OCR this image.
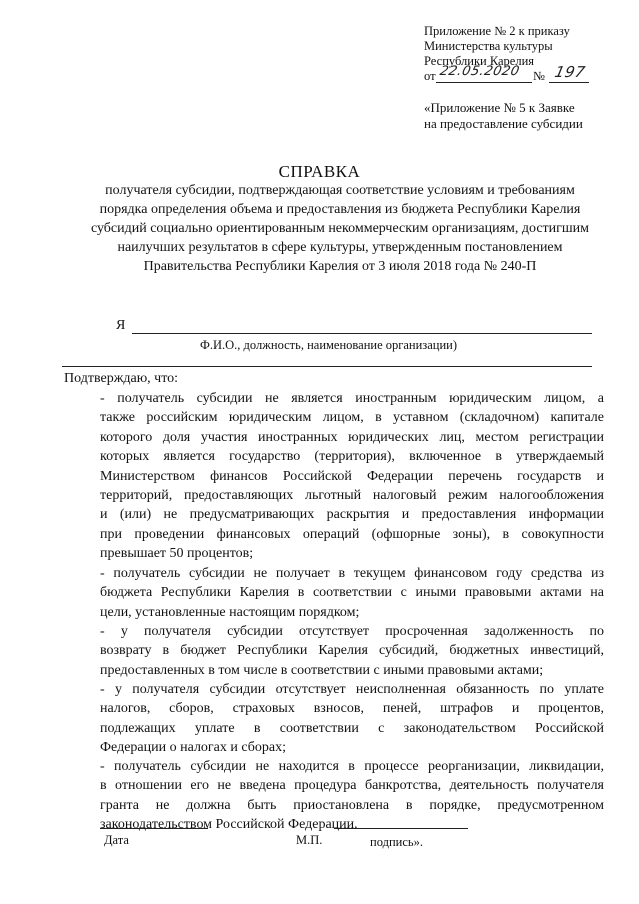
Приложение № 2 к приказу
Министерства культуры
Республики Карелия
от 22.05.2020 № 197
«Приложение № 5 к Заявке
на предоставление субсидии
СПРАВКА
получателя субсидии, подтверждающая соответствие условиям и требованиям
порядка определения объема и предоставления из бюджета Республики Карелия
субсидий социально ориентированным некоммерческим организациям, достигшим
наилучших результатов в сфере культуры, утвержденным постановлением
Правительства Республики Карелия от 3 июля 2018 года № 240-П
Я
Ф.И.О., должность, наименование организации)
Подтверждаю, что:
- получатель субсидии не является иностранным юридическим лицом, а
также российским юридическим лицом, в уставном (складочном) капитале
которого доля участия иностранных юридических лиц, местом регистрации
которых является государство (территория), включенное в утверждаемый
Министерством финансов Российской Федерации перечень государств и
территорий, предоставляющих льготный налоговый режим налогообложения
и (или) не предусматривающих раскрытия и предоставления информации
при проведении финансовых операций (офшорные зоны), в совокупности
превышает 50 процентов;
- получатель субсидии не получает в текущем финансовом году средства из
бюджета Республики Карелия в соответствии с иными правовыми актами на
цели, установленные настоящим порядком;
- у получателя субсидии отсутствует просроченная задолженность по
возврату в бюджет Республики Карелия субсидий, бюджетных инвестиций,
предоставленных в том числе в соответствии с иными правовыми актами;
- у получателя субсидии отсутствует неисполненная обязанность по уплате
налогов, сборов, страховых взносов, пеней, штрафов и процентов,
подлежащих уплате в соответствии с законодательством Российской
Федерации о налогах и сборах;
- получатель субсидии не находится в процессе реорганизации, ликвидации,
в отношении его не введена процедура банкротства, деятельность получателя
гранта не должна быть приостановлена в порядке, предусмотренном
законодательством Российской Федерации.
Дата	М.П.	подпись».
